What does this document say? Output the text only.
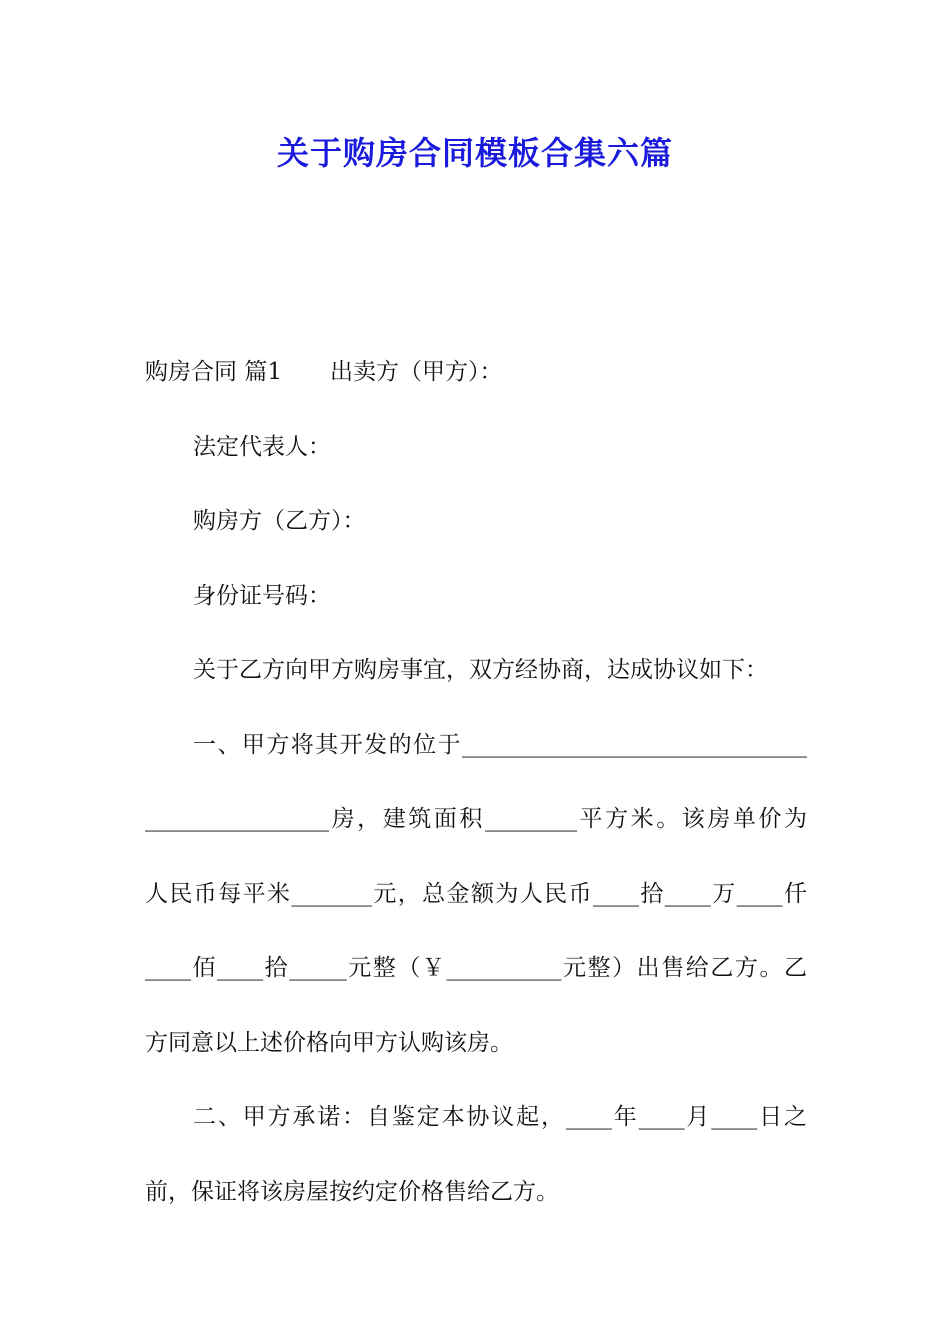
关于购房合同模板合集六篇

购房合同 篇1 出卖方（甲方）：

法定代表人：

购房方（乙方）：

身份证号码：

关于乙方向甲方购房事宜，双方经协商，达成协议如下：

一、甲方将其开发的位于______________________________

________________房，建筑面积________平方米。该房单价为

人民币每平米_______元，总金额为人民币____拾____万____仟

____佰____拾_____元整（￥__________元整）出售给乙方。乙

方同意以上述价格向甲方认购该房。

二、甲方承诺：自鉴定本协议起，____年____月____日之

前，保证将该房屋按约定价格售给乙方。
